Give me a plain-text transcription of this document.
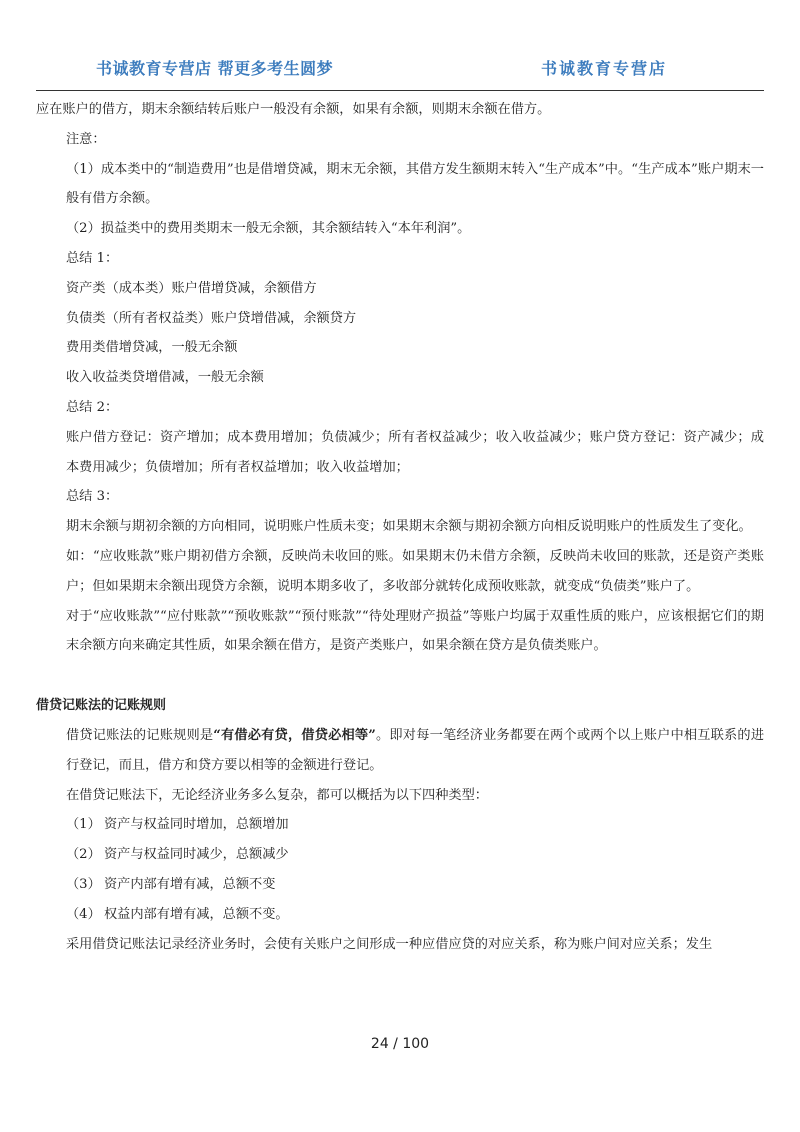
书诚教育专营店 帮更多考生圆梦	书诚教育专营店

应在账户的借方，期末余额结转后账户一般没有余额，如果有余额，则期末余额在借方。

注意：

（1）成本类中的“制造费用”也是借增贷减，期末无余额，其借方发生额期末转入“生产成本”中。“生产成本”账户期末一般有借方余额。

（2）损益类中的费用类期末一般无余额，其余额结转入“本年利润”。

总结 1：

资产类（成本类）账户借增贷减，余额借方

负债类（所有者权益类）账户贷增借减，余额贷方

费用类借增贷减，一般无余额

收入收益类贷增借减，一般无余额

总结 2：

账户借方登记：资产增加；成本费用增加；负债减少；所有者权益减少；收入收益减少；账户贷方登记：资产减少；成本费用减少；负债增加；所有者权益增加；收入收益增加；

总结 3：

期末余额与期初余额的方向相同，说明账户性质未变；如果期末余额与期初余额方向相反说明账户的性质发生了变化。

如：“应收账款”账户期初借方余额，反映尚未收回的账。如果期末仍未借方余额，反映尚未收回的账款，还是资产类账户；但如果期末余额出现贷方余额，说明本期多收了，多收部分就转化成预收账款，就变成“负债类”账户了。

对于“应收账款”“应付账款”“预收账款”“预付账款”“待处理财产损益”等账户均属于双重性质的账户，应该根据它们的期末余额方向来确定其性质，如果余额在借方，是资产类账户，如果余额在贷方是负债类账户。

借贷记账法的记账规则

借贷记账法的记账规则是“有借必有贷，借贷必相等”。即对每一笔经济业务都要在两个或两个以上账户中相互联系的进行登记，而且，借方和贷方要以相等的金额进行登记。

在借贷记账法下，无论经济业务多么复杂，都可以概括为以下四种类型：

（1） 资产与权益同时增加，总额增加

（2） 资产与权益同时减少，总额减少

（3） 资产内部有增有减，总额不变

（4） 权益内部有增有减，总额不变。

采用借贷记账法记录经济业务时，会使有关账户之间形成一种应借应贷的对应关系，称为账户间对应关系；发生

24 / 100
